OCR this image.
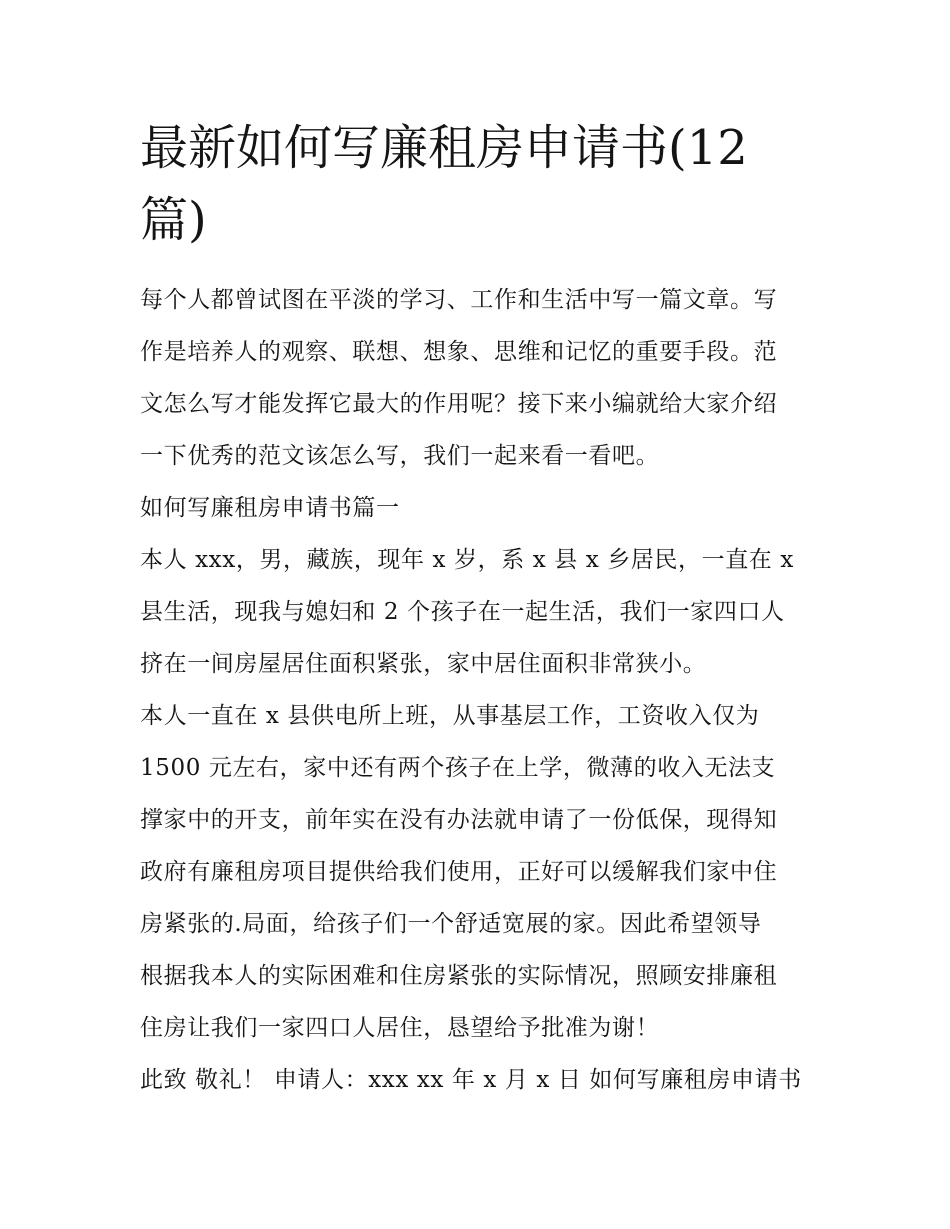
最新如何写廉租房申请书(12
篇)
每个人都曾试图在平淡的学习、工作和生活中写一篇文章。写
作是培养人的观察、联想、想象、思维和记忆的重要手段。范
文怎么写才能发挥它最大的作用呢？接下来小编就给大家介绍
一下优秀的范文该怎么写，我们一起来看一看吧。
如何写廉租房申请书篇一
本人 xxx，男，藏族，现年 x 岁，系 x 县 x 乡居民，一直在 x
县生活，现我与媳妇和 2 个孩子在一起生活，我们一家四口人
挤在一间房屋居住面积紧张，家中居住面积非常狭小。
本人一直在 x 县供电所上班，从事基层工作，工资收入仅为
1500 元左右，家中还有两个孩子在上学，微薄的收入无法支
撑家中的开支，前年实在没有办法就申请了一份低保，现得知
政府有廉租房项目提供给我们使用，正好可以缓解我们家中住
房紧张的.局面，给孩子们一个舒适宽展的家。因此希望领导
根据我本人的实际困难和住房紧张的实际情况，照顾安排廉租
住房让我们一家四口人居住，恳望给予批准为谢！
此致 敬礼！ 申请人：xxx xx 年 x 月 x 日 如何写廉租房申请书
